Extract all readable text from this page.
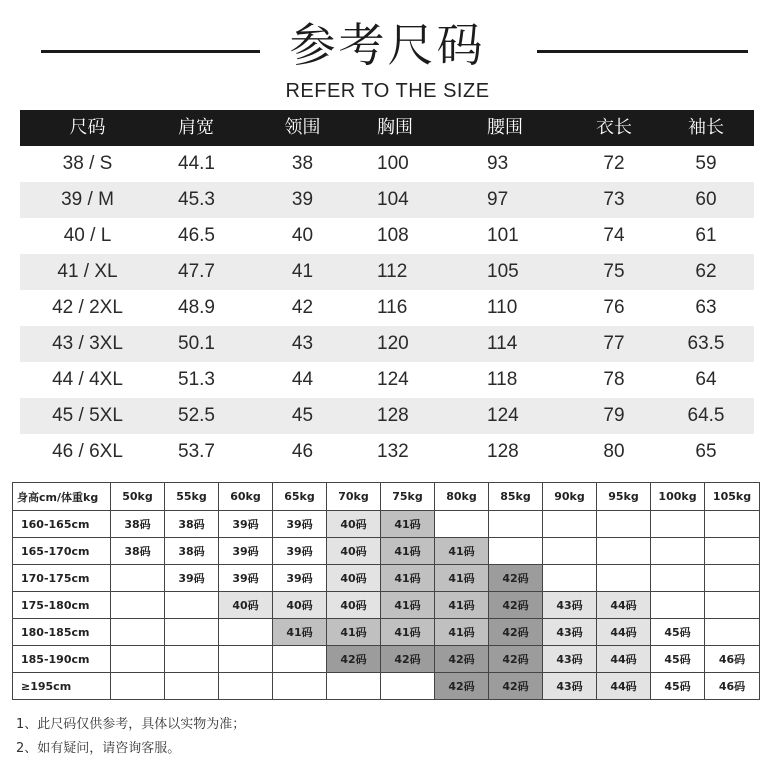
参考尺码
REFER TO THE SIZE
尺码	肩宽	领围	胸围	腰围	衣长	袖长
38 / S	44.1	38	100	93	72	59
39 / M	45.3	39	104	97	73	60
40 / L	46.5	40	108	101	74	61
41 / XL	47.7	41	112	105	75	62
42 / 2XL	48.9	42	116	110	76	63
43 / 3XL	50.1	43	120	114	77	63.5
44 / 4XL	51.3	44	124	118	78	64
45 / 5XL	52.5	45	128	124	79	64.5
46 / 6XL	53.7	46	132	128	80	65
身高cm/体重kg	50kg	55kg	60kg	65kg	70kg	75kg	80kg	85kg	90kg	95kg	100kg	105kg
160-165cm	38码	38码	39码	39码	40码	41码						
165-170cm	38码	38码	39码	39码	40码	41码	41码					
170-175cm		39码	39码	39码	40码	41码	41码	42码				
175-180cm			40码	40码	40码	41码	41码	42码	43码	44码		
180-185cm				41码	41码	41码	41码	42码	43码	44码	45码	
185-190cm					42码	42码	42码	42码	43码	44码	45码	46码
≥195cm							42码	42码	43码	44码	45码	46码
1、此尺码仅供参考，具体以实物为准；
2、如有疑问，请咨询客服。
